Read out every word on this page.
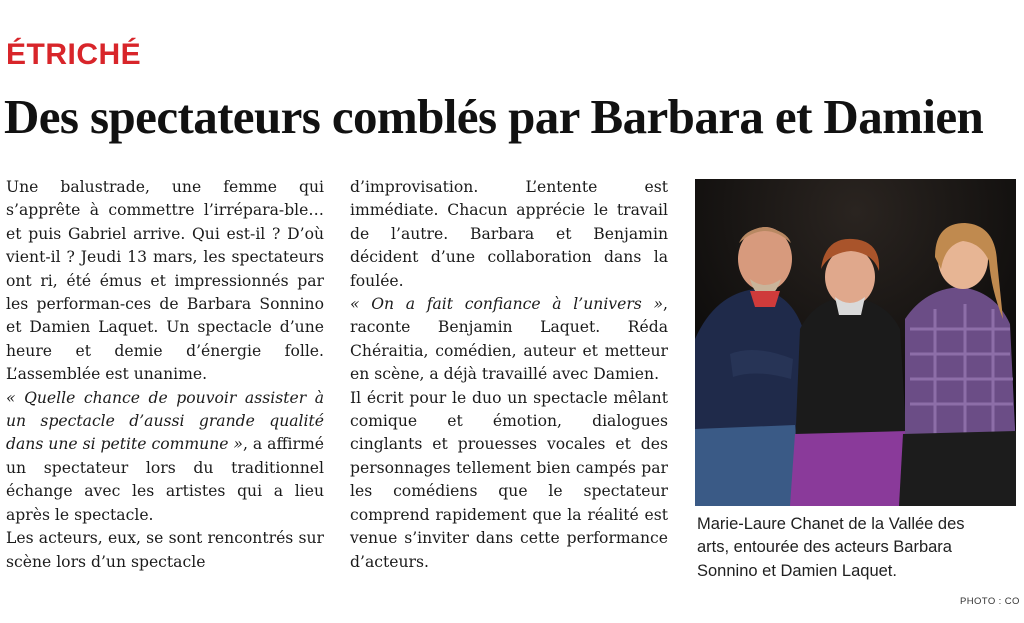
ÉTRICHÉ
Des spectateurs comblés par Barbara et Damien

Une balustrade, une femme qui s’apprête à commettre l’irrépara-ble… et puis Gabriel arrive. Qui est-il ? D’où vient-il ? Jeudi 13 mars, les spectateurs ont ri, été émus et impressionnés par les performan-ces de Barbara Sonnino et Damien Laquet. Un spectacle d’une heure et demie d’énergie folle. L’assemblée est unanime.

« Quelle chance de pouvoir assister à un spectacle d’aussi grande qualité dans une si petite commune », a affirmé un spectateur lors du traditionnel échange avec les artistes qui a lieu après le spectacle.

Les acteurs, eux, se sont rencontrés sur scène lors d’un spectacle

d’improvisation. L’entente est immédiate. Chacun apprécie le travail de l’autre. Barbara et Benjamin décident d’une collaboration dans la foulée.

« On a fait confiance à l’univers », raconte Benjamin Laquet. Réda Chéraitia, comédien, auteur et metteur en scène, a déjà travaillé avec Damien.

Il écrit pour le duo un spectacle mêlant comique et émotion, dialogues cinglants et prouesses vocales et des personnages tellement bien campés par les comédiens que le spectateur comprend rapidement que la réalité est venue s’inviter dans cette performance d’acteurs.

Marie-Laure Chanet de la Vallée des arts, entourée des acteurs Barbara Sonnino et Damien Laquet.
PHOTO : CO
